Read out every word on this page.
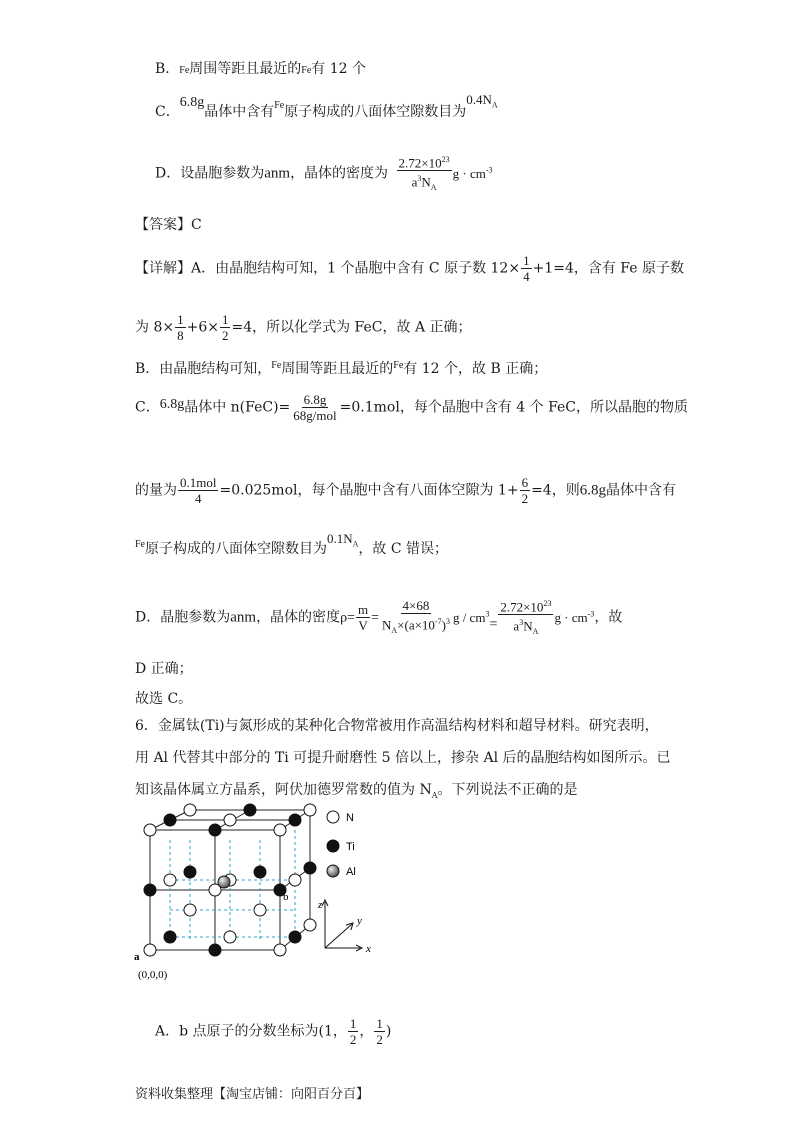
B．Fe周围等距且最近的Fe有 12 个
C．6.8g晶体中含有$^{Fe}$原子构成的八面体空隙数目为$0.4N_A$
D．设晶胞参数为anm，晶体的密度为 $\frac{2.72\times 10^{23}}{a^3N_A}$ $g \cdot cm^{-3}$
【答案】C
【详解】A．由晶胞结构可知，1 个晶胞中含有 C 原子数 $12\times \frac{1}{4} +1=4$，含有 Fe 原子数
为 $8\times \frac{1}{8} +6\times \frac{1}{2} =4$，所以化学式为 FeC，故 A 正确；
B．由晶胞结构可知，$^{Fe}$周围等距且最近的$^{Fe}$有 12 个，故 B 正确；
C．6.8g晶体中 $n(FeC)= \frac{6.8g}{\text{68g/mol}} =0.1mol$，每个晶胞中含有 4 个 FeC，所以晶胞的物质
的量为 $\frac{\text{0.1mol}}{4} =0.025mol$，每个晶胞中含有八面体空隙为 $1+ \frac{6}{2} =4$，则6.8g晶体中含有
$^{Fe}$原子构成的八面体空隙数目为$0.1N_A$，故 C 错误；
D．晶胞参数为anm，晶体的密度$\rho= \frac{m}{V} = \frac{4\times 68}{N_A\times(a\times 10^{-7})^3}$ $g / cm^3= \frac{2.72\times 10^{23}}{a^3N_A}$ $g \cdot cm^{-3}$，故
D 正确；
故选 C。
6．金属钛(Ti)与氮形成的某种化合物常被用作高温结构材料和超导材料。研究表明，
用 Al 代替其中部分的 Ti 可提升耐磨性 5 倍以上，掺杂 Al 后的晶胞结构如图所示。已
知该晶体属立方晶系，阿伏加德罗常数的值为 $N_A$。下列说法不正确的是
b
a
(0,0,0)
N
Ti
Al
z
y
x
A．b 点原子的分数坐标为(1， $\frac{1}{2}$ ， $\frac{1}{2}$ )
资料收集整理【淘宝店铺：向阳百分百】
